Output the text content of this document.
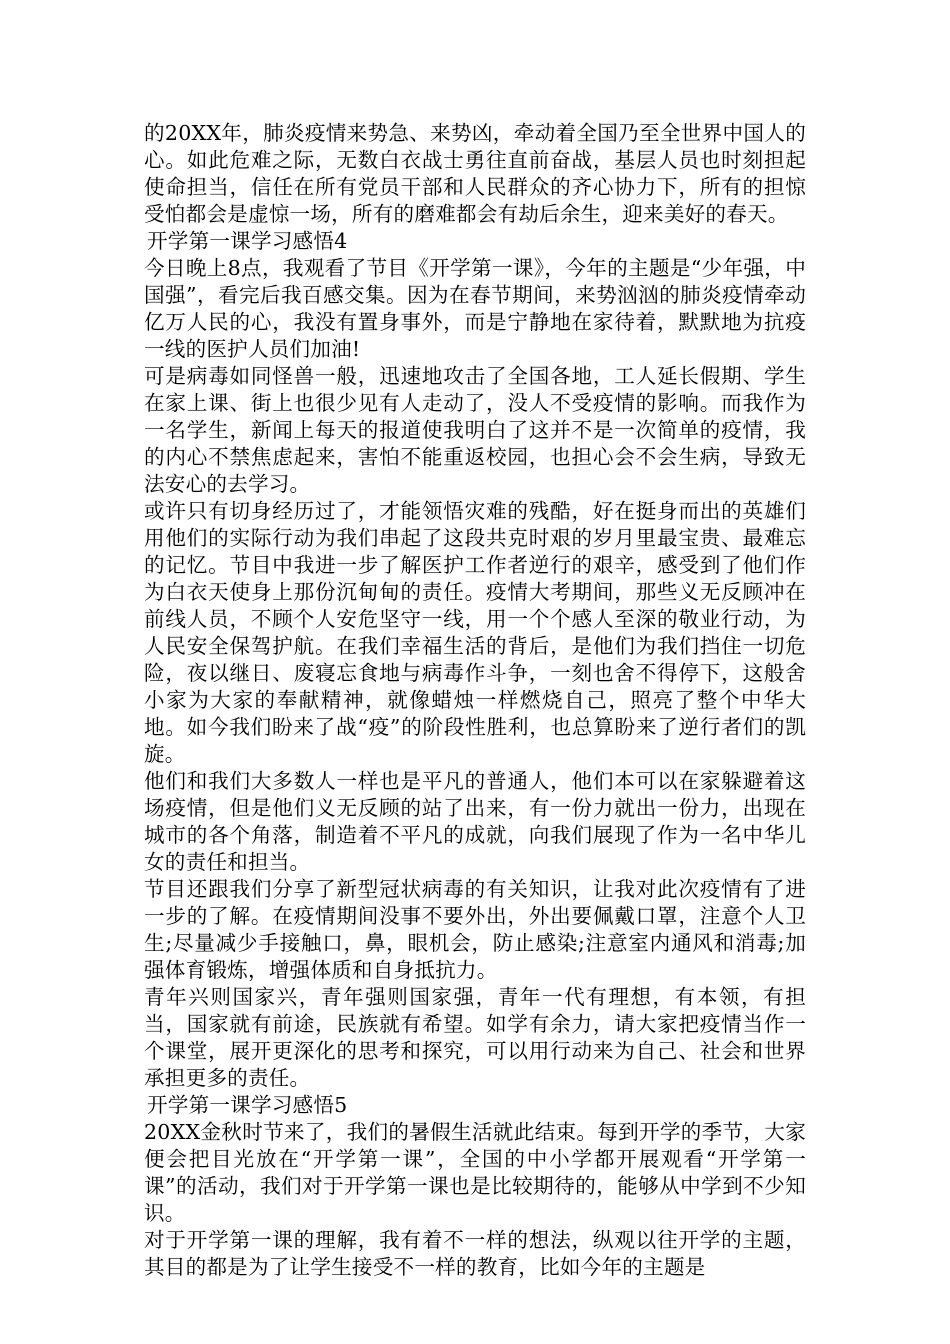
的20XX年，肺炎疫情来势急、来势凶，牵动着全国乃至全世界中国人的心。如此危难之际，无数白衣战士勇往直前奋战，基层人员也时刻担起使命担当，信任在所有党员干部和人民群众的齐心协力下，所有的担惊受怕都会是虚惊一场，所有的磨难都会有劫后余生，迎来美好的春天。

开学第一课学习感悟4

今日晚上8点，我观看了节目《开学第一课》，今年的主题是“少年强，中国强”，看完后我百感交集。因为在春节期间，来势汹汹的肺炎疫情牵动亿万人民的心，我没有置身事外，而是宁静地在家待着，默默地为抗疫一线的医护人员们加油!

可是病毒如同怪兽一般，迅速地攻击了全国各地，工人延长假期、学生在家上课、街上也很少见有人走动了，没人不受疫情的影响。而我作为一名学生，新闻上每天的报道使我明白了这并不是一次简单的疫情，我的内心不禁焦虑起来，害怕不能重返校园，也担心会不会生病，导致无法安心的去学习。

或许只有切身经历过了，才能领悟灾难的残酷，好在挺身而出的英雄们用他们的实际行动为我们串起了这段共克时艰的岁月里最宝贵、最难忘的记忆。节目中我进一步了解医护工作者逆行的艰辛，感受到了他们作为白衣天使身上那份沉甸甸的责任。疫情大考期间，那些义无反顾冲在前线人员，不顾个人安危坚守一线，用一个个感人至深的敬业行动，为人民安全保驾护航。在我们幸福生活的背后，是他们为我们挡住一切危险，夜以继日、废寝忘食地与病毒作斗争，一刻也舍不得停下，这般舍小家为大家的奉献精神，就像蜡烛一样燃烧自己，照亮了整个中华大地。如今我们盼来了战“疫”的阶段性胜利，也总算盼来了逆行者们的凯旋。

他们和我们大多数人一样也是平凡的普通人，他们本可以在家躲避着这场疫情，但是他们义无反顾的站了出来，有一份力就出一份力，出现在城市的各个角落，制造着不平凡的成就，向我们展现了作为一名中华儿女的责任和担当。

节目还跟我们分享了新型冠状病毒的有关知识，让我对此次疫情有了进一步的了解。在疫情期间没事不要外出，外出要佩戴口罩，注意个人卫生;尽量减少手接触口，鼻，眼机会，防止感染;注意室内通风和消毒;加强体育锻炼，增强体质和自身抵抗力。

青年兴则国家兴，青年强则国家强，青年一代有理想，有本领，有担当，国家就有前途，民族就有希望。如学有余力，请大家把疫情当作一个课堂，展开更深化的思考和探究，可以用行动来为自己、社会和世界承担更多的责任。

开学第一课学习感悟5

20XX金秋时节来了，我们的暑假生活就此结束。每到开学的季节，大家便会把目光放在“开学第一课”，全国的中小学都开展观看“开学第一课”的活动，我们对于开学第一课也是比较期待的，能够从中学到不少知识。

对于开学第一课的理解，我有着不一样的想法，纵观以往开学的主题，其目的都是为了让学生接受不一样的教育，比如今年的主题是
